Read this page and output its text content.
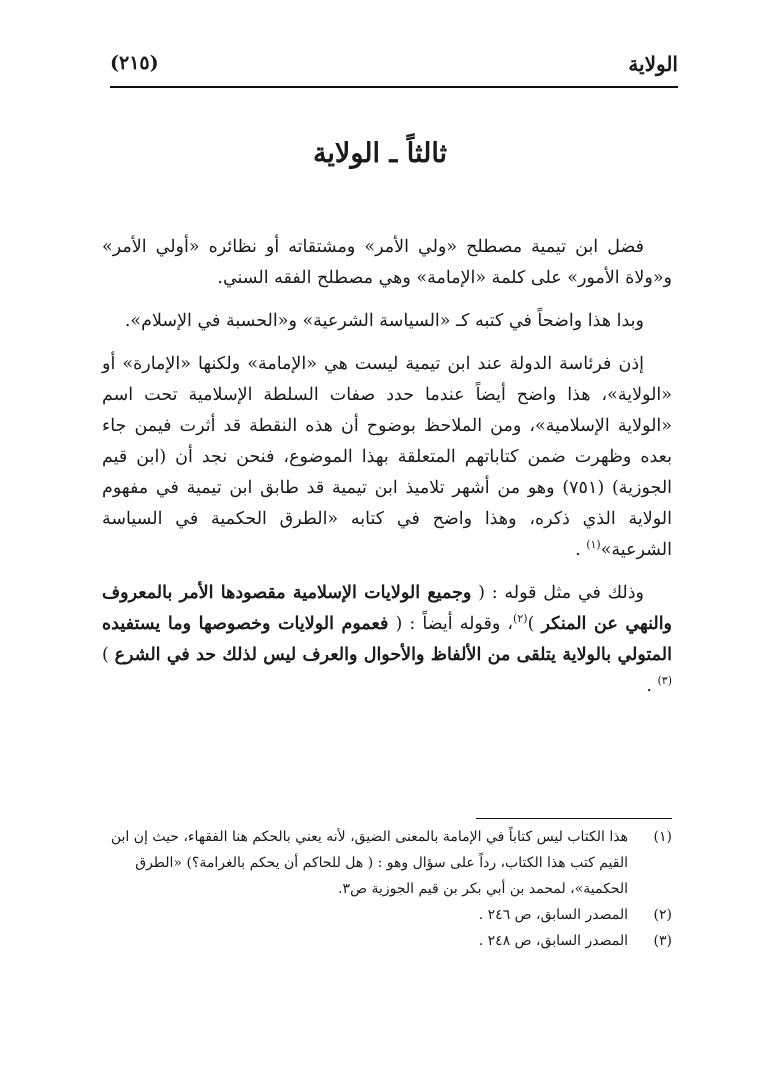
الولاية
(٢١٥)
ثالثاً ـ الولاية

فضل ابن تيمية مصطلح «ولي الأمر» ومشتقاته أو نظائره «أولي الأمر» و«ولاة الأمور» على كلمة «الإمامة» وهي مصطلح الفقه السني.

وبدا هذا واضحاً في كتبه كـ «السياسة الشرعية» و«الحسبة في الإسلام».

إذن فرئاسة الدولة عند ابن تيمية ليست هي «الإمامة» ولكنها «الإمارة» أو «الولاية»، هذا واضح أيضاً عندما حدد صفات السلطة الإسلامية تحت اسم «الولاية الإسلامية»، ومن الملاحظ بوضوح أن هذه النقطة قد أثرت فيمن جاء بعده وظهرت ضمن كتاباتهم المتعلقة بهذا الموضوع، فنحن نجد أن (ابن قيم الجوزية) (٧٥١) وهو من أشهر تلاميذ ابن تيمية قد طابق ابن تيمية في مفهوم الولاية الذي ذكره، وهذا واضح في كتابه «الطرق الحكمية في السياسة الشرعية»$^{(١)}$ .

وذلك في مثل قوله : ( وجميع الولايات الإسلامية مقصودها الأمر بالمعروف والنهي عن المنكر )$^{(٢)}$، وقوله أيضاً : ( فعموم الولايات وخصوصها وما يستفيده المتولي بالولاية يتلقى من الألفاظ والأحوال والعرف ليس لذلك حد في الشرع )$^{(٣)}$ .

(١)
هذا الكتاب ليس كتاباً في الإمامة بالمعنى الضيق، لأنه يعني بالحكم هنا الفقهاء، حيث إن ابن القيم كتب هذا الكتاب، رداً على سؤال وهو : ( هل للحاكم أن يحكم بالغرامة؟) «الطرق الحكمية»، لمحمد بن أبي بكر بن قيم الجوزية ص٣.
(٢)
المصدر السابق، ص ٢٤٦ .
(٣)
المصدر السابق، ص ٢٤٨ .
